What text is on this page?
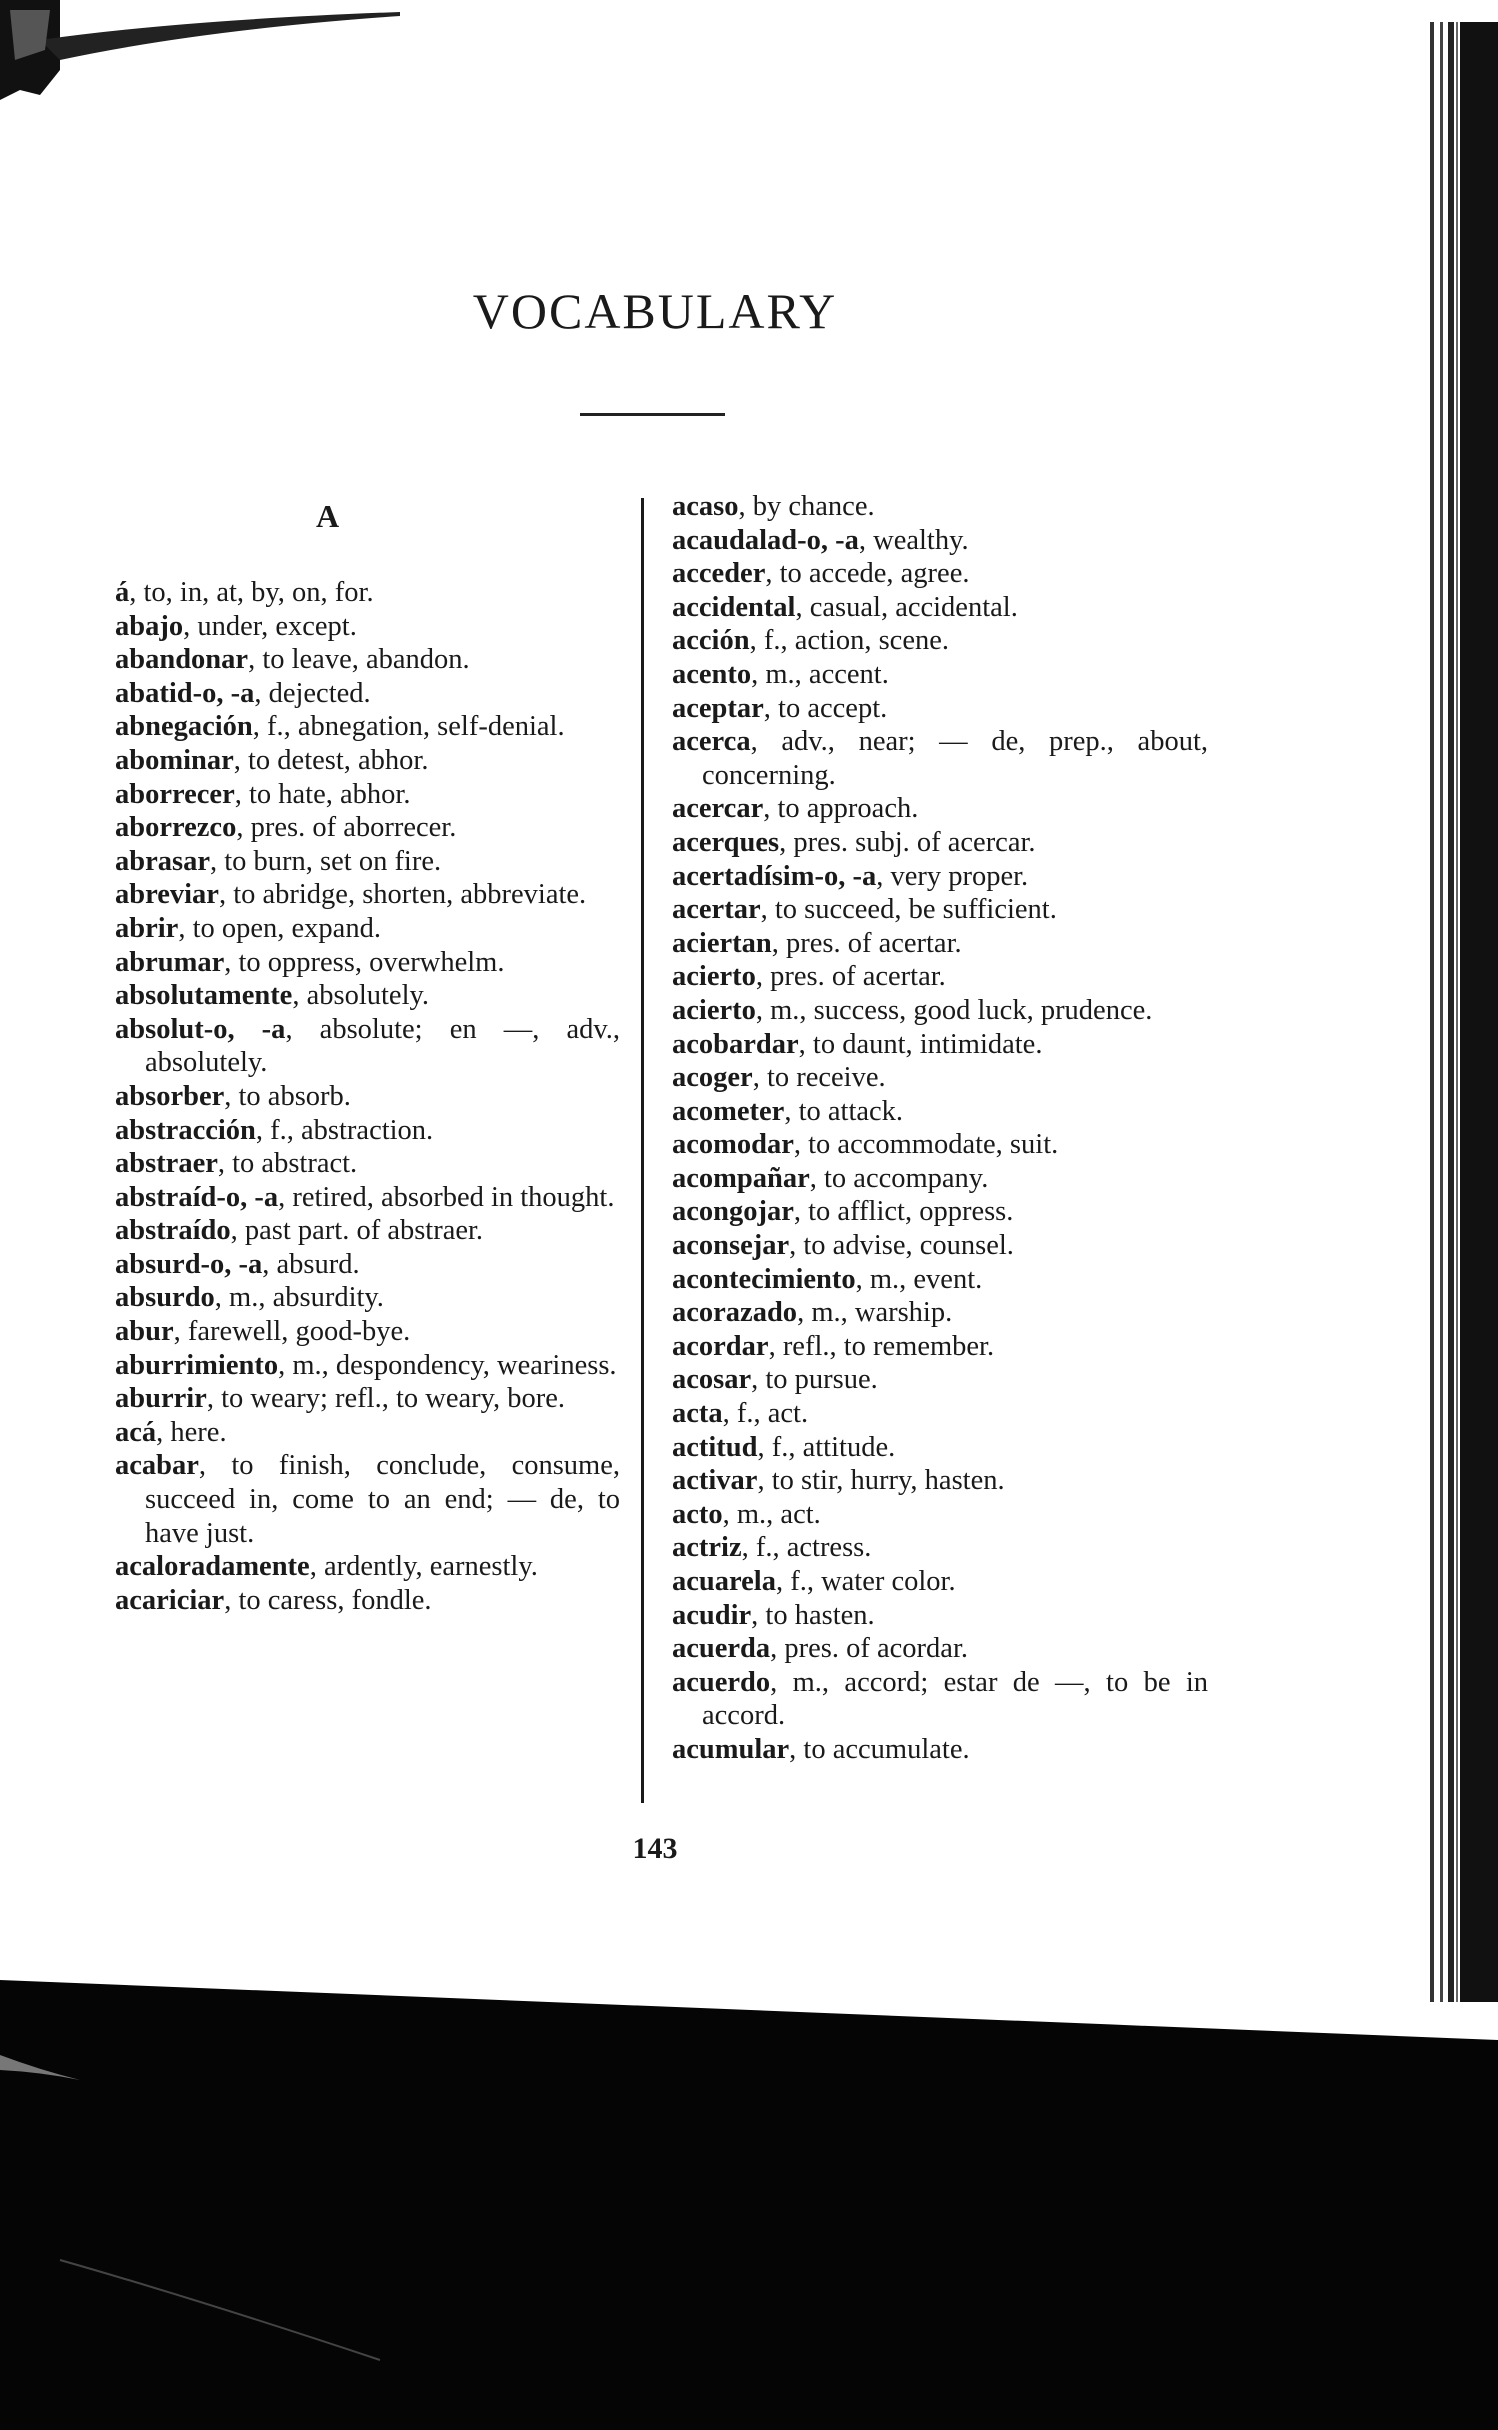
VOCABULARY
A

á, to, in, at, by, on, for.

abajo, under, except.

abandonar, to leave, abandon.

abatid-o, -a, dejected.

abnegación, f., abnegation, self-denial.

abominar, to detest, abhor.

aborrecer, to hate, abhor.

aborrezco, pres. of aborrecer.

abrasar, to burn, set on fire.

abreviar, to abridge, shorten, abbreviate.

abrir, to open, expand.

abrumar, to oppress, overwhelm.

absolutamente, absolutely.

absolut-o, -a, absolute; en —, adv., absolutely.

absorber, to absorb.

abstracción, f., abstraction.

abstraer, to abstract.

abstraíd-o, -a, retired, absorbed in thought.

abstraído, past part. of abstraer.

absurd-o, -a, absurd.

absurdo, m., absurdity.

abur, farewell, good-bye.

aburrimiento, m., despondency, weariness.

aburrir, to weary; refl., to weary, bore.

acá, here.

acabar, to finish, conclude, consume, succeed in, come to an end; — de, to have just.

acaloradamente, ardently, earnestly.

acariciar, to caress, fondle.

acaso, by chance.

acaudalad-o, -a, wealthy.

acceder, to accede, agree.

accidental, casual, accidental.

acción, f., action, scene.

acento, m., accent.

aceptar, to accept.

acerca, adv., near; — de, prep., about, concerning.

acercar, to approach.

acerques, pres. subj. of acercar.

acertadísim-o, -a, very proper.

acertar, to succeed, be sufficient.

aciertan, pres. of acertar.

acierto, pres. of acertar.

acierto, m., success, good luck, prudence.

acobardar, to daunt, intimidate.

acoger, to receive.

acometer, to attack.

acomodar, to accommodate, suit.

acompañar, to accompany.

acongojar, to afflict, oppress.

aconsejar, to advise, counsel.

acontecimiento, m., event.

acorazado, m., warship.

acordar, refl., to remember.

acosar, to pursue.

acta, f., act.

actitud, f., attitude.

activar, to stir, hurry, hasten.

acto, m., act.

actriz, f., actress.

acuarela, f., water color.

acudir, to hasten.

acuerda, pres. of acordar.

acuerdo, m., accord; estar de —, to be in accord.

acumular, to accumulate.

143
